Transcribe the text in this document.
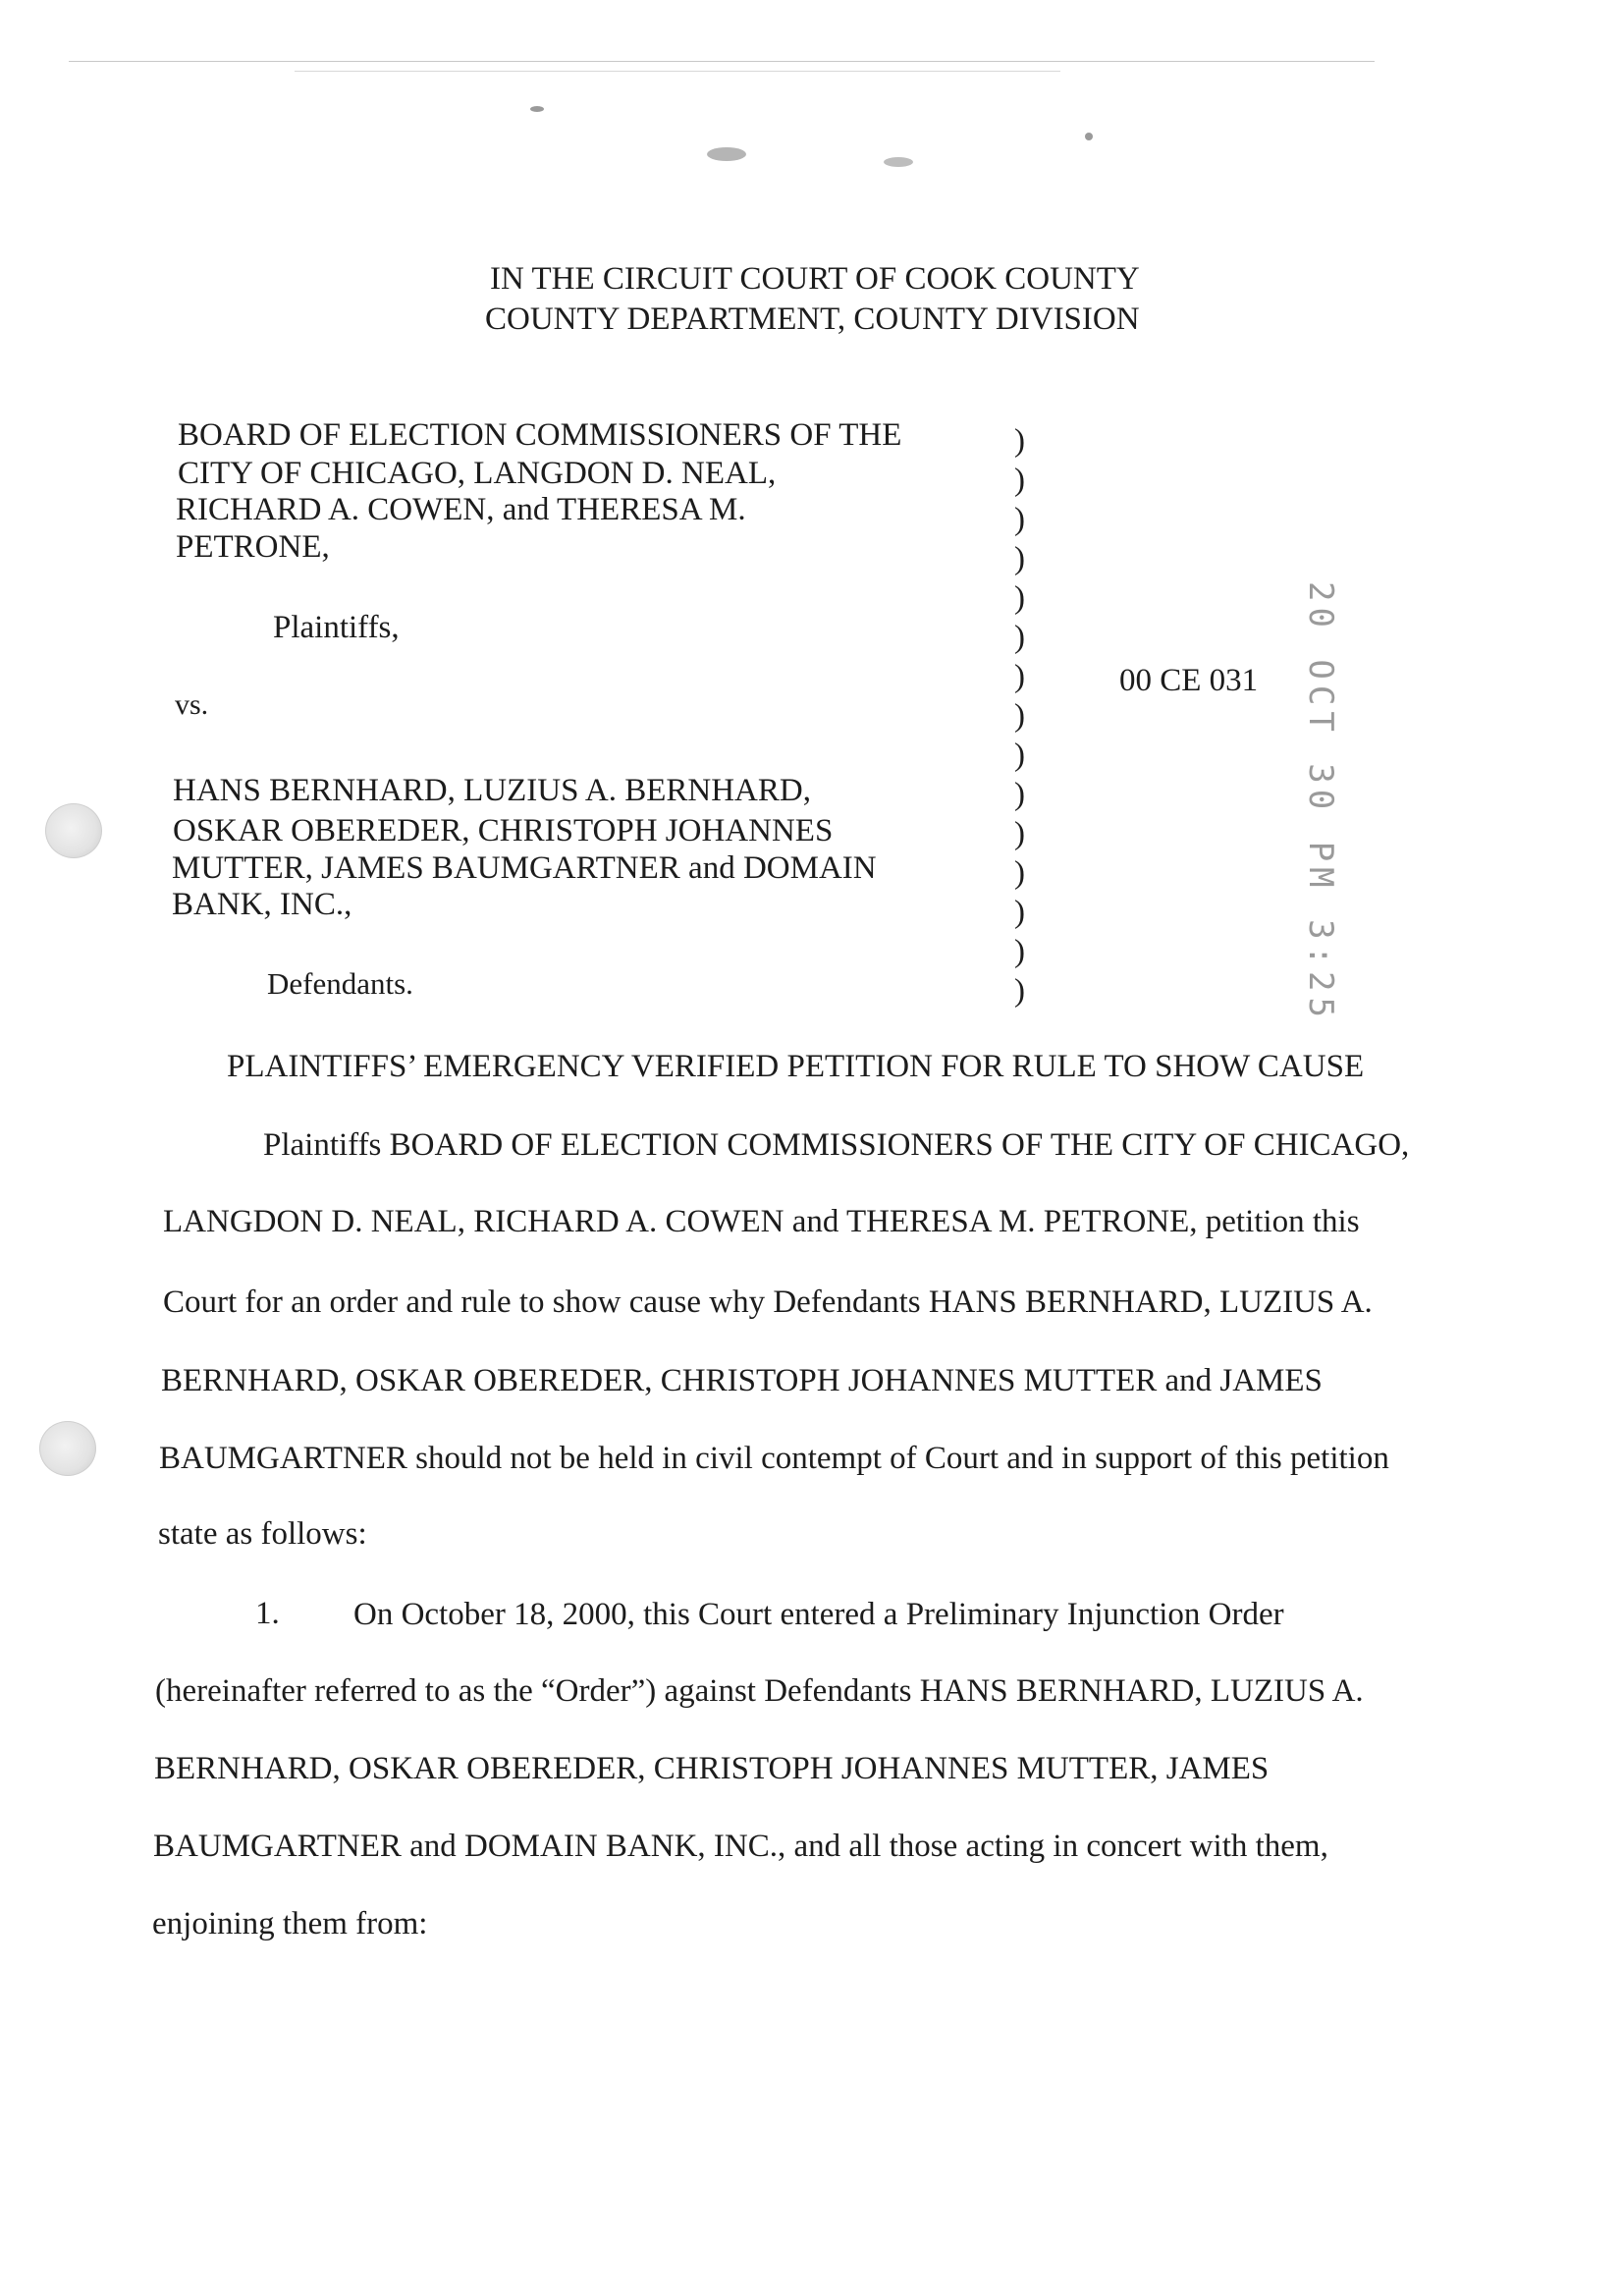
IN THE CIRCUIT COURT OF COOK COUNTY
COUNTY DEPARTMENT, COUNTY DIVISION
BOARD OF ELECTION COMMISSIONERS OF THE
CITY OF CHICAGO, LANGDON D. NEAL,
RICHARD A. COWEN, and THERESA M.
PETRONE,
Plaintiffs,
vs.
HANS BERNHARD, LUZIUS A. BERNHARD,
OSKAR OBEREDER, CHRISTOPH JOHANNES
MUTTER, JAMES BAUMGARTNER and DOMAIN
BANK, INC.,
Defendants.
)
)
)
)
)
)
)
)
)
)
)
)
)
)
)
00 CE 031 20 OCT 30 PM 3:25
PLAINTIFFS’ EMERGENCY VERIFIED PETITION FOR RULE TO SHOW CAUSE
Plaintiffs BOARD OF ELECTION COMMISSIONERS OF THE CITY OF CHICAGO,
LANGDON D. NEAL, RICHARD A. COWEN and THERESA M. PETRONE, petition this
Court for an order and rule to show cause why Defendants HANS BERNHARD, LUZIUS A.
BERNHARD, OSKAR OBEREDER, CHRISTOPH JOHANNES MUTTER and JAMES
BAUMGARTNER should not be held in civil contempt of Court and in support of this petition
state as follows:
1. On October 18, 2000, this Court entered a Preliminary Injunction Order
(hereinafter referred to as the “Order”) against Defendants HANS BERNHARD, LUZIUS A.
BERNHARD, OSKAR OBEREDER, CHRISTOPH JOHANNES MUTTER, JAMES
BAUMGARTNER and DOMAIN BANK, INC., and all those acting in concert with them,
enjoining them from:
